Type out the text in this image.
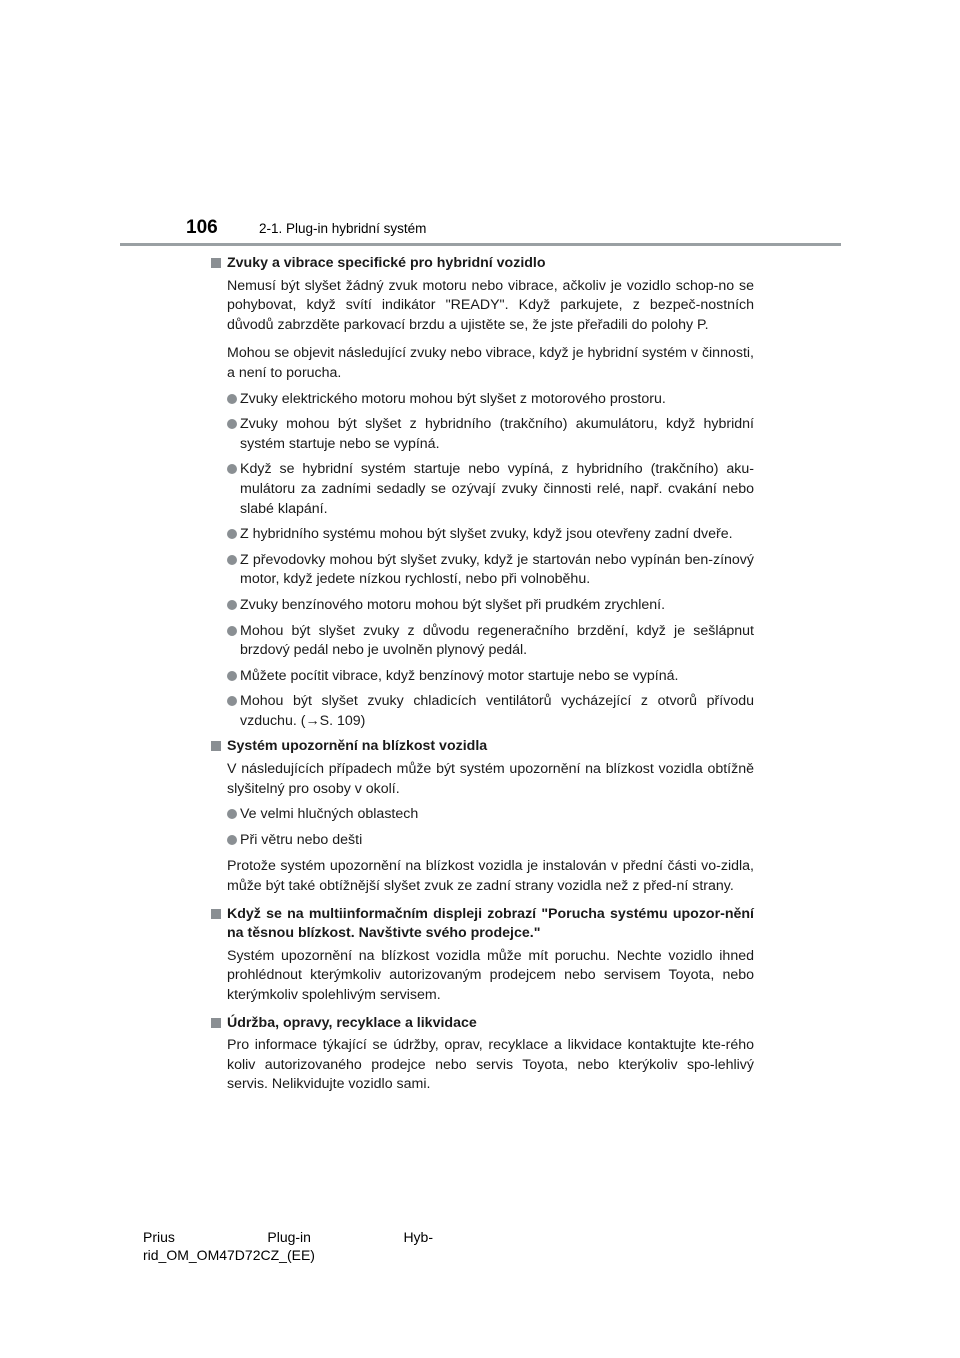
106	2-1. Plug-in hybridní systém
Zvuky a vibrace specifické pro hybridní vozidlo
Nemusí být slyšet žádný zvuk motoru nebo vibrace, ačkoliv je vozidlo schop-no se pohybovat, když svítí indikátor "READY". Když parkujete, z bezpeč-nostních důvodů zabrzděte parkovací brzdu a ujistěte se, že jste přeřadili do polohy P.
Mohou se objevit následující zvuky nebo vibrace, když je hybridní systém v činnosti, a není to porucha.
Zvuky elektrického motoru mohou být slyšet z motorového prostoru.
Zvuky mohou být slyšet z hybridního (trakčního) akumulátoru, když hybridní systém startuje nebo se vypíná.
Když se hybridní systém startuje nebo vypíná, z hybridního (trakčního) aku-mulátoru za zadními sedadly se ozývají zvuky činnosti relé, např. cvakání nebo slabé klapání.
Z hybridního systému mohou být slyšet zvuky, když jsou otevřeny zadní dveře.
Z převodovky mohou být slyšet zvuky, když je startován nebo vypínán ben-zínový motor, když jedete nízkou rychlostí, nebo při volnoběhu.
Zvuky benzínového motoru mohou být slyšet při prudkém zrychlení.
Mohou být slyšet zvuky z důvodu regeneračního brzdění, když je sešlápnut brzdový pedál nebo je uvolněn plynový pedál.
Můžete pocítit vibrace, když benzínový motor startuje nebo se vypíná.
Mohou být slyšet zvuky chladicích ventilátorů vycházející z otvorů přívodu vzduchu. (→S. 109)
Systém upozornění na blízkost vozidla
V následujících případech může být systém upozornění na blízkost vozidla obtížně slyšitelný pro osoby v okolí.
Ve velmi hlučných oblastech
Při větru nebo dešti
Protože systém upozornění na blízkost vozidla je instalován v přední části vo-zidla, může být také obtížnější slyšet zvuk ze zadní strany vozidla než z před-ní strany.
Když se na multiinformačním displeji zobrazí "Porucha systému upozor-nění na těsnou blízkost. Navštivte svého prodejce."
Systém upozornění na blízkost vozidla může mít poruchu. Nechte vozidlo ihned prohlédnout kterýmkoliv autorizovaným prodejcem nebo servisem Toyota, nebo kterýmkoliv spolehlivým servisem.
Údržba, opravy, recyklace a likvidace
Pro informace týkající se údržby, oprav, recyklace a likvidace kontaktujte kte-rého koliv autorizovaného prodejce nebo servis Toyota, nebo kterýkoliv spo-lehlivý servis. Nelikvidujte vozidlo sami.
Prius	Plug-in	Hyb-
rid_OM_OM47D72CZ_(EE)
